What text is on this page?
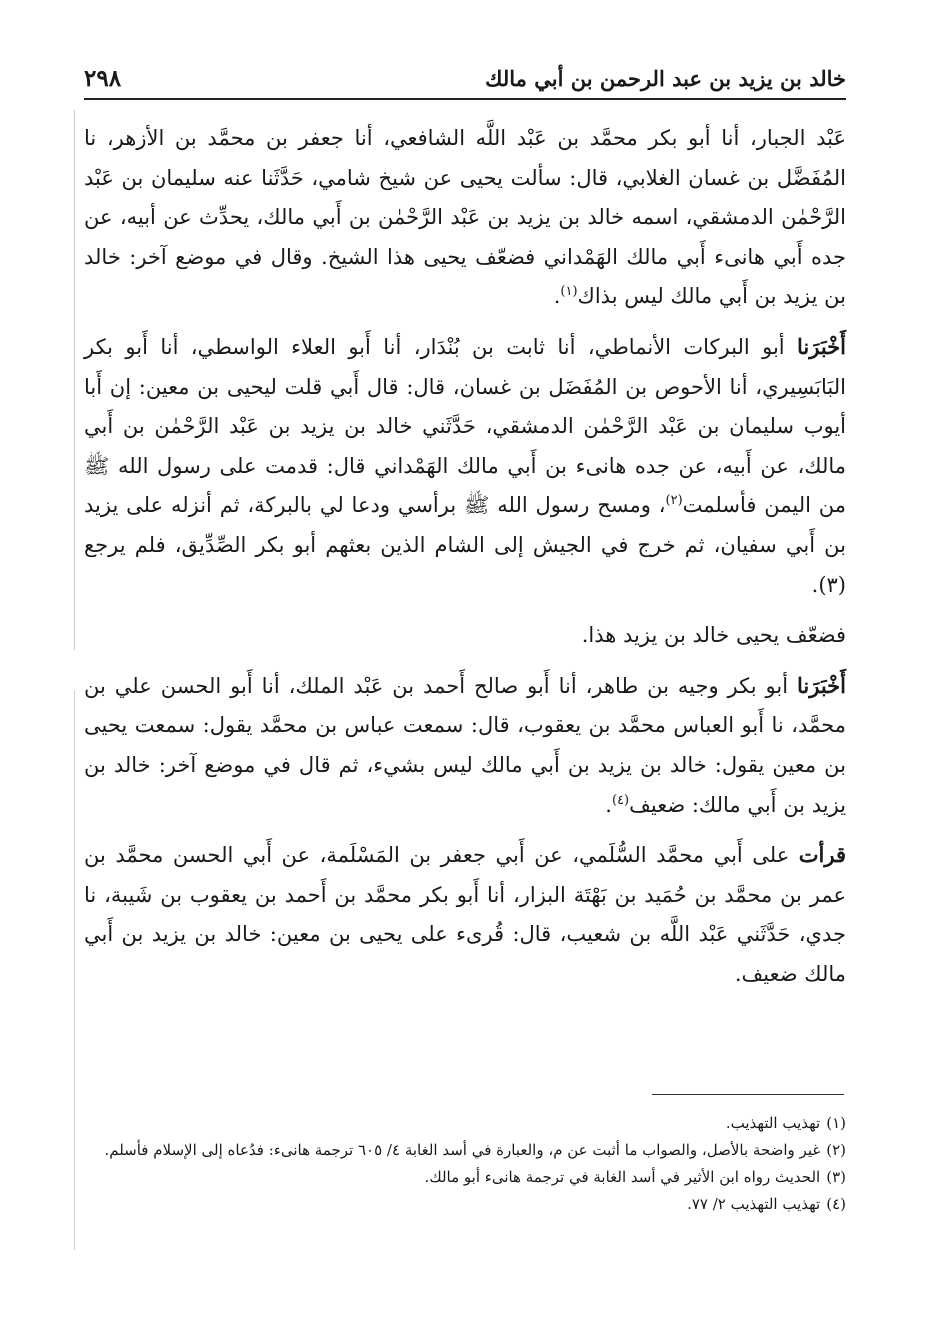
خالد بن يزيد بن عبد الرحمن بن أبي مالك
٢٩٨

عَبْد الجبار، أنا أبو بكر محمَّد بن عَبْد اللَّه الشافعي، أنا جعفر بن محمَّد بن الأزهر، نا المُفَضَّل بن غسان الغلابي، قال: سألت يحيى عن شيخ شامي، حَدَّثَنا عنه سليمان بن عَبْد الرَّحْمٰن الدمشقي، اسمه خالد بن يزيد بن عَبْد الرَّحْمٰن بن أَبي مالك، يحدِّث عن أبيه، عن جده أَبي هانىء أَبي مالك الهَمْداني فضعّف يحيى هذا الشيخ. وقال في موضع آخر: خالد بن يزيد بن أَبي مالك ليس بذاك$^{(١)}$.

أَخْبَرَنا أبو البركات الأنماطي، أنا ثابت بن بُنْدَار، أنا أَبو العلاء الواسطي، أنا أَبو بكر البَابَسِيري، أنا الأحوص بن المُفَضَل بن غسان، قال: قال أَبي قلت ليحيى بن معين: إن أَبا أيوب سليمان بن عَبْد الرَّحْمٰن الدمشقي، حَدَّثَني خالد بن يزيد بن عَبْد الرَّحْمٰن بن أَبي مالك، عن أَبيه، عن جده هانىء بن أَبي مالك الهَمْداني قال: قدمت على رسول الله ﷺ من اليمن فأسلمت$^{(٢)}$، ومسح رسول الله ﷺ برأسي ودعا لي بالبركة، ثم أنزله على يزيد بن أَبي سفيان، ثم خرج في الجيش إلى الشام الذين بعثهم أبو بكر الصِّدِّيق، فلم يرجع (٣).

فضعّف يحيى خالد بن يزيد هذا.

أَخْبَرَنا أبو بكر وجيه بن طاهر، أنا أَبو صالح أَحمد بن عَبْد الملك، أنا أَبو الحسن علي بن محمَّد، نا أَبو العباس محمَّد بن يعقوب، قال: سمعت عباس بن محمَّد يقول: سمعت يحيى بن معين يقول: خالد بن يزيد بن أَبي مالك ليس بشيء، ثم قال في موضع آخر: خالد بن يزيد بن أَبي مالك: ضعيف$^{(٤)}$.

قرأت على أَبي محمَّد السُّلَمي، عن أَبي جعفر بن المَسْلَمة، عن أَبي الحسن محمَّد بن عمر بن محمَّد بن حُمَيد بن بَهْتَة البزار، أنا أَبو بكر محمَّد بن أَحمد بن يعقوب بن شَيبة، نا جدي، حَدَّثَني عَبْد اللَّه بن شعيب، قال: قُرىء على يحيى بن معين: خالد بن يزيد بن أَبي مالك ضعيف.

(١)
تهذيب التهذيب.
(٢)
غير واضحة بالأصل، والصواب ما أثبت عن م، والعبارة في أسد الغابة ٤/ ٦٠٥ ترجمة هانىء: فدُعاه إلى الإسلام فأسلم.
(٣)
الحديث رواه ابن الأثير في أسد الغابة في ترجمة هانىء أبو مالك.
(٤)
تهذيب التهذيب ٢/ ٧٧.
